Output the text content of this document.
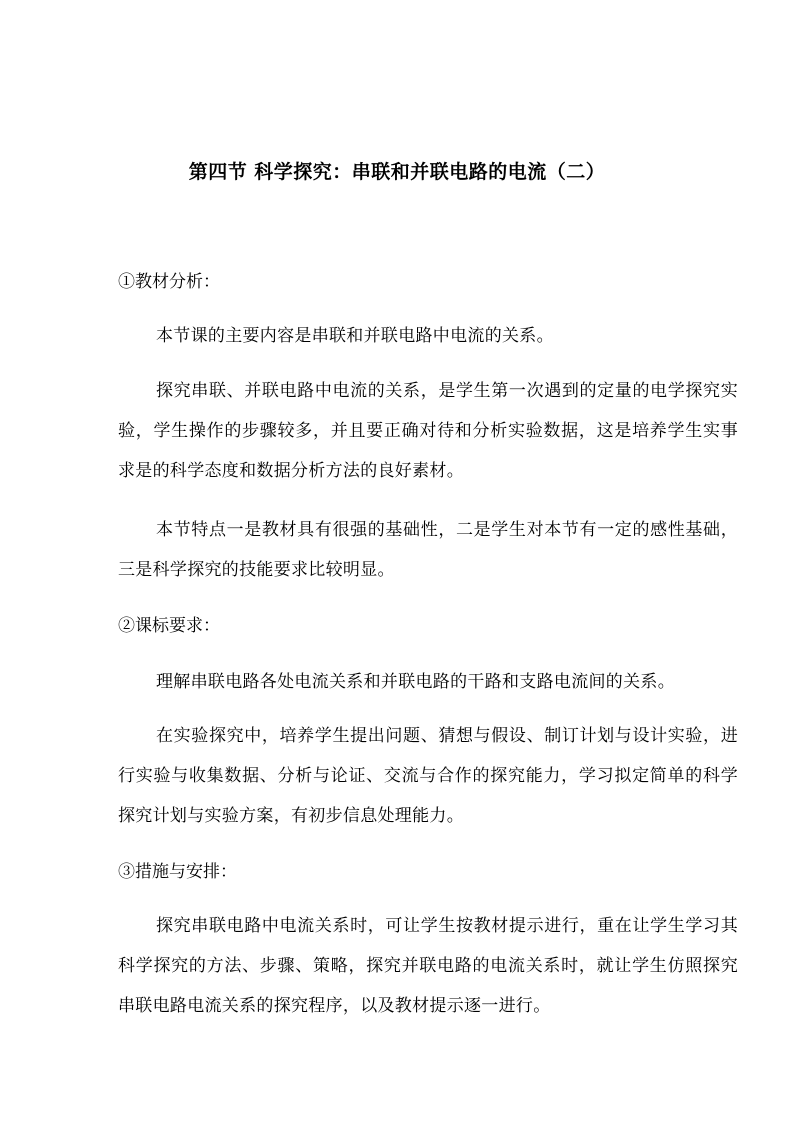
第四节 科学探究：串联和并联电路的电流（二）
①教材分析：
本节课的主要内容是串联和并联电路中电流的关系。
探究串联、并联电路中电流的关系，是学生第一次遇到的定量的电学探究实验，学生操作的步骤较多，并且要正确对待和分析实验数据，这是培养学生实事求是的科学态度和数据分析方法的良好素材。
本节特点一是教材具有很强的基础性，二是学生对本节有一定的感性基础，三是科学探究的技能要求比较明显。
②课标要求：
理解串联电路各处电流关系和并联电路的干路和支路电流间的关系。
在实验探究中，培养学生提出问题、猜想与假设、制订计划与设计实验，进行实验与收集数据、分析与论证、交流与合作的探究能力，学习拟定简单的科学探究计划与实验方案，有初步信息处理能力。
③措施与安排：
探究串联电路中电流关系时，可让学生按教材提示进行，重在让学生学习其科学探究的方法、步骤、策略，探究并联电路的电流关系时，就让学生仿照探究串联电路电流关系的探究程序，以及教材提示逐一进行。
